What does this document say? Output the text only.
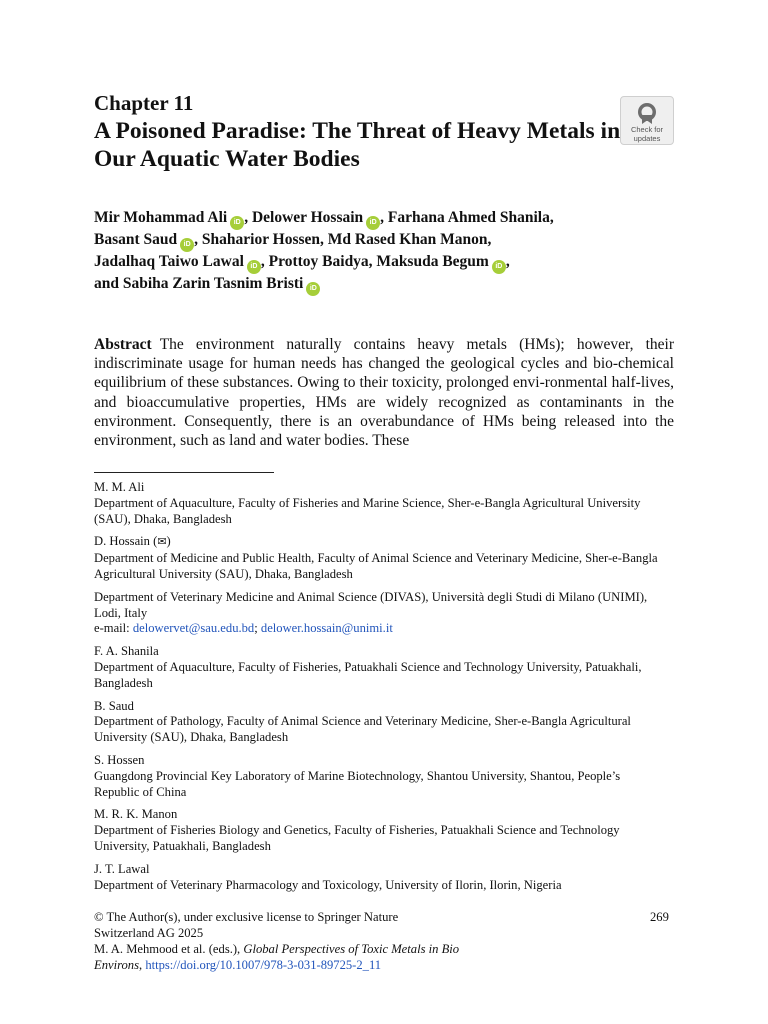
Chapter 11
A Poisoned Paradise: The Threat of Heavy Metals in Our Aquatic Water Bodies
Check for
updates
Mir Mohammad Ali iD , Delower Hossain iD , Farhana Ahmed Shanila,
Basant Saud iD , Shaharior Hossen, Md Rased Khan Manon,
Jadalhaq Taiwo Lawal iD , Prottoy Baidya, Maksuda Begum iD ,
and Sabiha Zarin Tasnim Bristi iD
Abstract The environment naturally contains heavy metals (HMs); however, their indiscriminate usage for human needs has changed the geological cycles and bio-chemical equilibrium of these substances. Owing to their toxicity, prolonged envi-ronmental half-lives, and bioaccumulative properties, HMs are widely recognized as contaminants in the environment. Consequently, there is an overabundance of HMs being released into the environment, such as land and water bodies. These
M. M. Ali
Department of Aquaculture, Faculty of Fisheries and Marine Science, Sher-e-Bangla Agricultural University (SAU), Dhaka, Bangladesh
D. Hossain (✉)
Department of Medicine and Public Health, Faculty of Animal Science and Veterinary Medicine, Sher-e-Bangla Agricultural University (SAU), Dhaka, Bangladesh
Department of Veterinary Medicine and Animal Science (DIVAS), Università degli Studi di Milano (UNIMI), Lodi, Italy
e-mail: delowervet@sau.edu.bd; delower.hossain@unimi.it
F. A. Shanila
Department of Aquaculture, Faculty of Fisheries, Patuakhali Science and Technology University, Patuakhali, Bangladesh
B. Saud
Department of Pathology, Faculty of Animal Science and Veterinary Medicine, Sher-e-Bangla Agricultural University (SAU), Dhaka, Bangladesh
S. Hossen
Guangdong Provincial Key Laboratory of Marine Biotechnology, Shantou University, Shantou, People’s Republic of China
M. R. K. Manon
Department of Fisheries Biology and Genetics, Faculty of Fisheries, Patuakhali Science and Technology University, Patuakhali, Bangladesh
J. T. Lawal
Department of Veterinary Pharmacology and Toxicology, University of Ilorin, Ilorin, Nigeria
© The Author(s), under exclusive license to Springer Nature
Switzerland AG 2025
M. A. Mehmood et al. (eds.), Global Perspectives of Toxic Metals in Bio
Environs, https://doi.org/10.1007/978-3-031-89725-2_11
269
